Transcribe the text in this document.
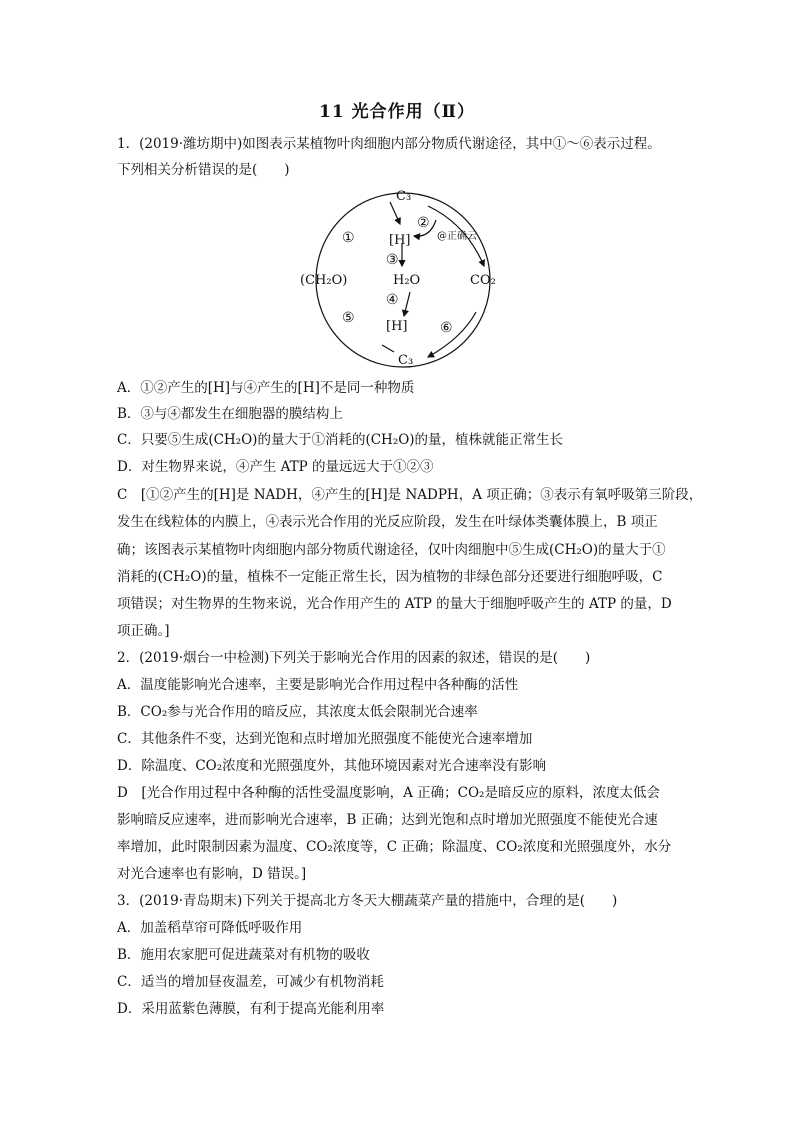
11 光合作用（Ⅱ）
1．(2019·潍坊期中)如图表示某植物叶肉细胞内部分物质代谢途径，其中①～⑥表示过程。
下列相关分析错误的是(　　)
C₃
②
@正确云
①	[H]
③
(CH₂O)	H₂O	CO₂
④
⑤
[H] ⑥
C₃
A．①②产生的[H]与④产生的[H]不是同一种物质
B．③与④都发生在细胞器的膜结构上
C．只要⑤生成(CH₂O)的量大于①消耗的(CH₂O)的量，植株就能正常生长
D．对生物界来说，④产生 ATP 的量远远大于①②③
C　[①②产生的[H]是 NADH，④产生的[H]是 NADPH，A 项正确；③表示有氧呼吸第三阶段，
发生在线粒体的内膜上，④表示光合作用的光反应阶段，发生在叶绿体类囊体膜上，B 项正
确；该图表示某植物叶肉细胞内部分物质代谢途径，仅叶肉细胞中⑤生成(CH₂O)的量大于①
消耗的(CH₂O)的量，植株不一定能正常生长，因为植物的非绿色部分还要进行细胞呼吸，C
项错误；对生物界的生物来说，光合作用产生的 ATP 的量大于细胞呼吸产生的 ATP 的量，D
项正确。]
2．(2019·烟台一中检测)下列关于影响光合作用的因素的叙述，错误的是(　　)
A．温度能影响光合速率，主要是影响光合作用过程中各种酶的活性
B．CO₂参与光合作用的暗反应，其浓度太低会限制光合速率
C．其他条件不变，达到光饱和点时增加光照强度不能使光合速率增加
D．除温度、CO₂浓度和光照强度外，其他环境因素对光合速率没有影响
D　[光合作用过程中各种酶的活性受温度影响，A 正确；CO₂是暗反应的原料，浓度太低会
影响暗反应速率，进而影响光合速率，B 正确；达到光饱和点时增加光照强度不能使光合速
率增加，此时限制因素为温度、CO₂浓度等，C 正确；除温度、CO₂浓度和光照强度外，水分
对光合速率也有影响，D 错误。]
3．(2019·青岛期末)下列关于提高北方冬天大棚蔬菜产量的措施中，合理的是(　　)
A．加盖稻草帘可降低呼吸作用
B．施用农家肥可促进蔬菜对有机物的吸收
C．适当的增加昼夜温差，可减少有机物消耗
D．采用蓝紫色薄膜，有利于提高光能利用率
